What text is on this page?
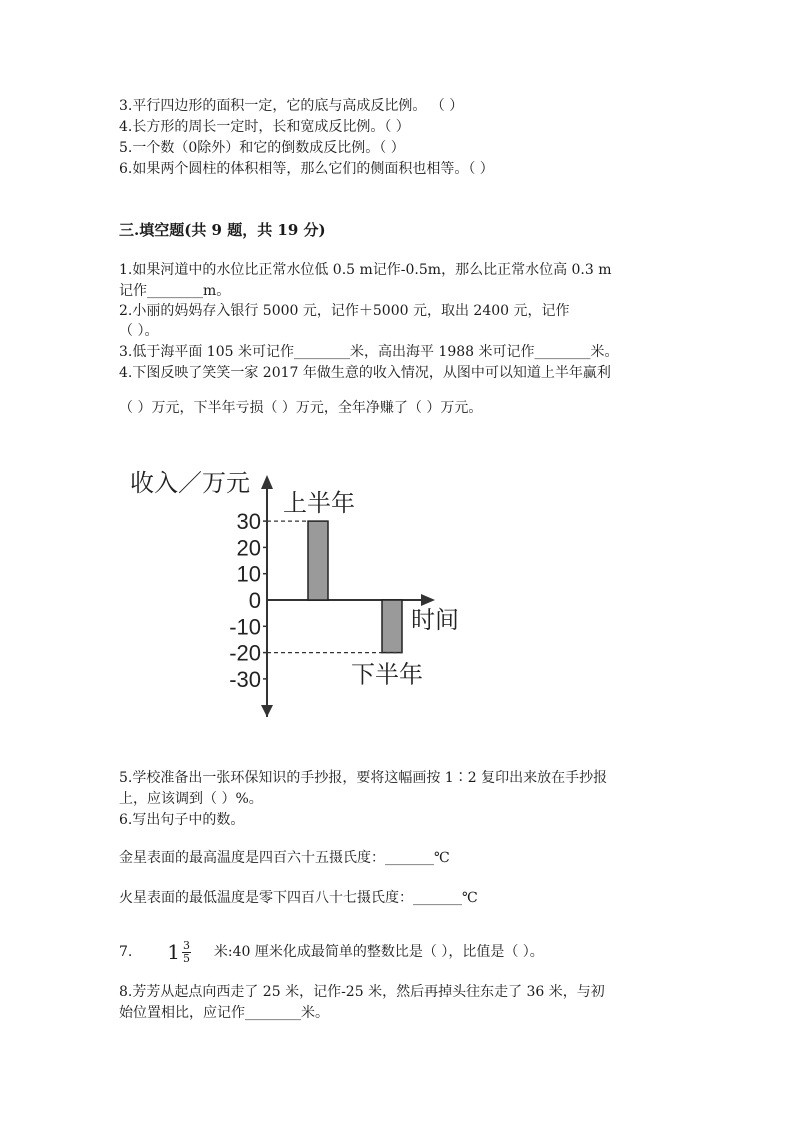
3.平行四边形的面积一定，它的底与高成反比例。 （ ）
4.长方形的周长一定时，长和宽成反比例。（ ）
5.一个数（0除外）和它的倒数成反比例。（ ）
6.如果两个圆柱的体积相等，那么它们的侧面积也相等。（ ）
三.填空题(共 9 题，共 19 分)
1.如果河道中的水位比正常水位低 0.5 m记作-0.5m，那么比正常水位高 0.3 m
记作________m。
2.小丽的妈妈存入银行 5000 元，记作＋5000 元，取出 2400 元，记作
（ ）。
3.低于海平面 105 米可记作________米，高出海平 1988 米可记作________米。
4.下图反映了笑笑一家 2017 年做生意的收入情况，从图中可以知道上半年赢利
（ ）万元，下半年亏损（ ）万元，全年净赚了（ ）万元。
收入／万元
时间
30
20
10
0
-10
-20
-30
上半年
下半年
5.学校准备出一张环保知识的手抄报，要将这幅画按 1∶2 复印出来放在手抄报
上，应该调到（ ）%。
6.写出句子中的数。
金星表面的最高温度是四百六十五摄氏度：_______℃
火星表面的最低温度是零下四百八十七摄氏度：_______℃
7. $1 \frac{3}{5}$ 米:40 厘米化成最简单的整数比是（ ），比值是（ ）。
8.芳芳从起点向西走了 25 米，记作-25 米，然后再掉头往东走了 36 米，与初
始位置相比，应记作________米。
